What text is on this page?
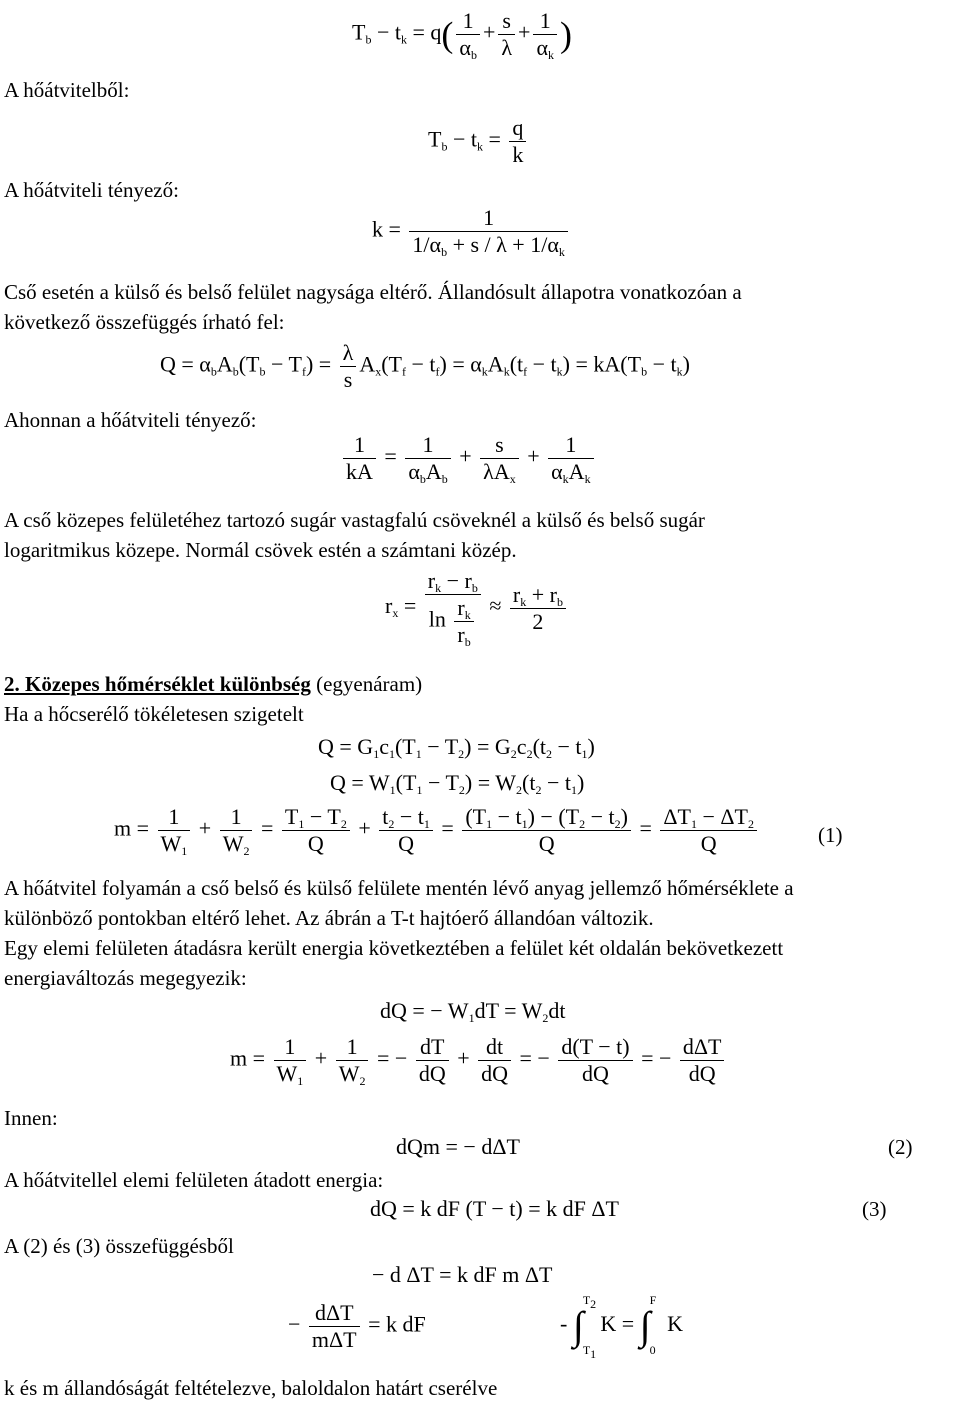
$T_b - t_k = q( \frac{1}{\alpha_b} + \frac{s}{\lambda} + \frac{1}{\alpha_k}$ )
A hőátvitelből:
$T_b - t_k = \frac{q}{k}$
A hőátviteli tényező:
$k = \frac{1}{1/\alpha_b + s / \lambda + 1/\alpha_k}$
Cső esetén a külső és belső felület nagysága eltérő. Állandósult állapotra vonatkozóan a
következő összefüggés írható fel:
$Q = \alpha_bA_b(T_b - T_f) = \frac{\lambda}{s} A_x(T_f - t_f) = \alpha_kA_k(t_f - t_k) = kA(T_b - t_k)$
Ahonnan a hőátviteli tényező:
$\frac{1}{kA} = \frac{1}{\alpha_bA_b} + \frac{s}{\lambda A_x} + \frac{1}{\alpha_kA_k}$
A cső közepes felületéhez tartozó sugár vastagfalú csöveknél a külső és belső sugár
logaritmikus közepe. Normál csövek estén a számtani közép.
$r_x = \frac{r_k - r_b}{\ln \frac{r_k}{r_b}} \approx \frac{r_k + r_b}{2}$
2. Közepes hőmérséklet különbség (egyenáram)
Ha a hőcserélő tökéletesen szigetelt
$Q = G_1c_1(T_1 - T_2) = G_2c_2(t_2 - t_1)$
$Q = W_1(T_1 - T_2) = W_2(t_2 - t_1)$
$m = \frac{1}{W_1} + \frac{1}{W_2} = \frac{T_1 - T_2}{Q} + \frac{t_2 - t_1}{Q} = \frac{(T_1 - t_1) - (T_2 - t_2)}{Q} = \frac{\Delta T_1 - \Delta T_2}{Q}$	(1)
A hőátvitel folyamán a cső belső és külső felülete mentén lévő anyag jellemző hőmérséklete a
különböző pontokban eltérő lehet. Az ábrán a T-t hajtóerő állandóan változik.
Egy elemi felületen átadásra került energia következtében a felület két oldalán bekövetkezett
energiaváltozás megegyezik:
dQ = − $W_1dT = W_2dt$
$m = \frac{1}{W_1} + \frac{1}{W_2}$ = − $\frac{dT}{dQ} + \frac{dt}{dQ}$ = − $\frac{d(T - t)}{dQ}$ = − $\frac{\text{dΔT}}{dQ}$
Innen:
dQm = − dΔT	(2)
A hőátvitellel elemi felületen átadott energia:
dQ = k dF (T − t) = k dF ΔT	(3)
A (2) és (3) összefüggésből
− d ΔT = k dF m ΔT
− $\frac{\text{dΔT}}{\text{mΔT}} = k$ dF	- ∫
$T_2$
$T_1$
K = ∫
F
0
K
k és m állandóságát feltételezve, baloldalon határt cserélve
